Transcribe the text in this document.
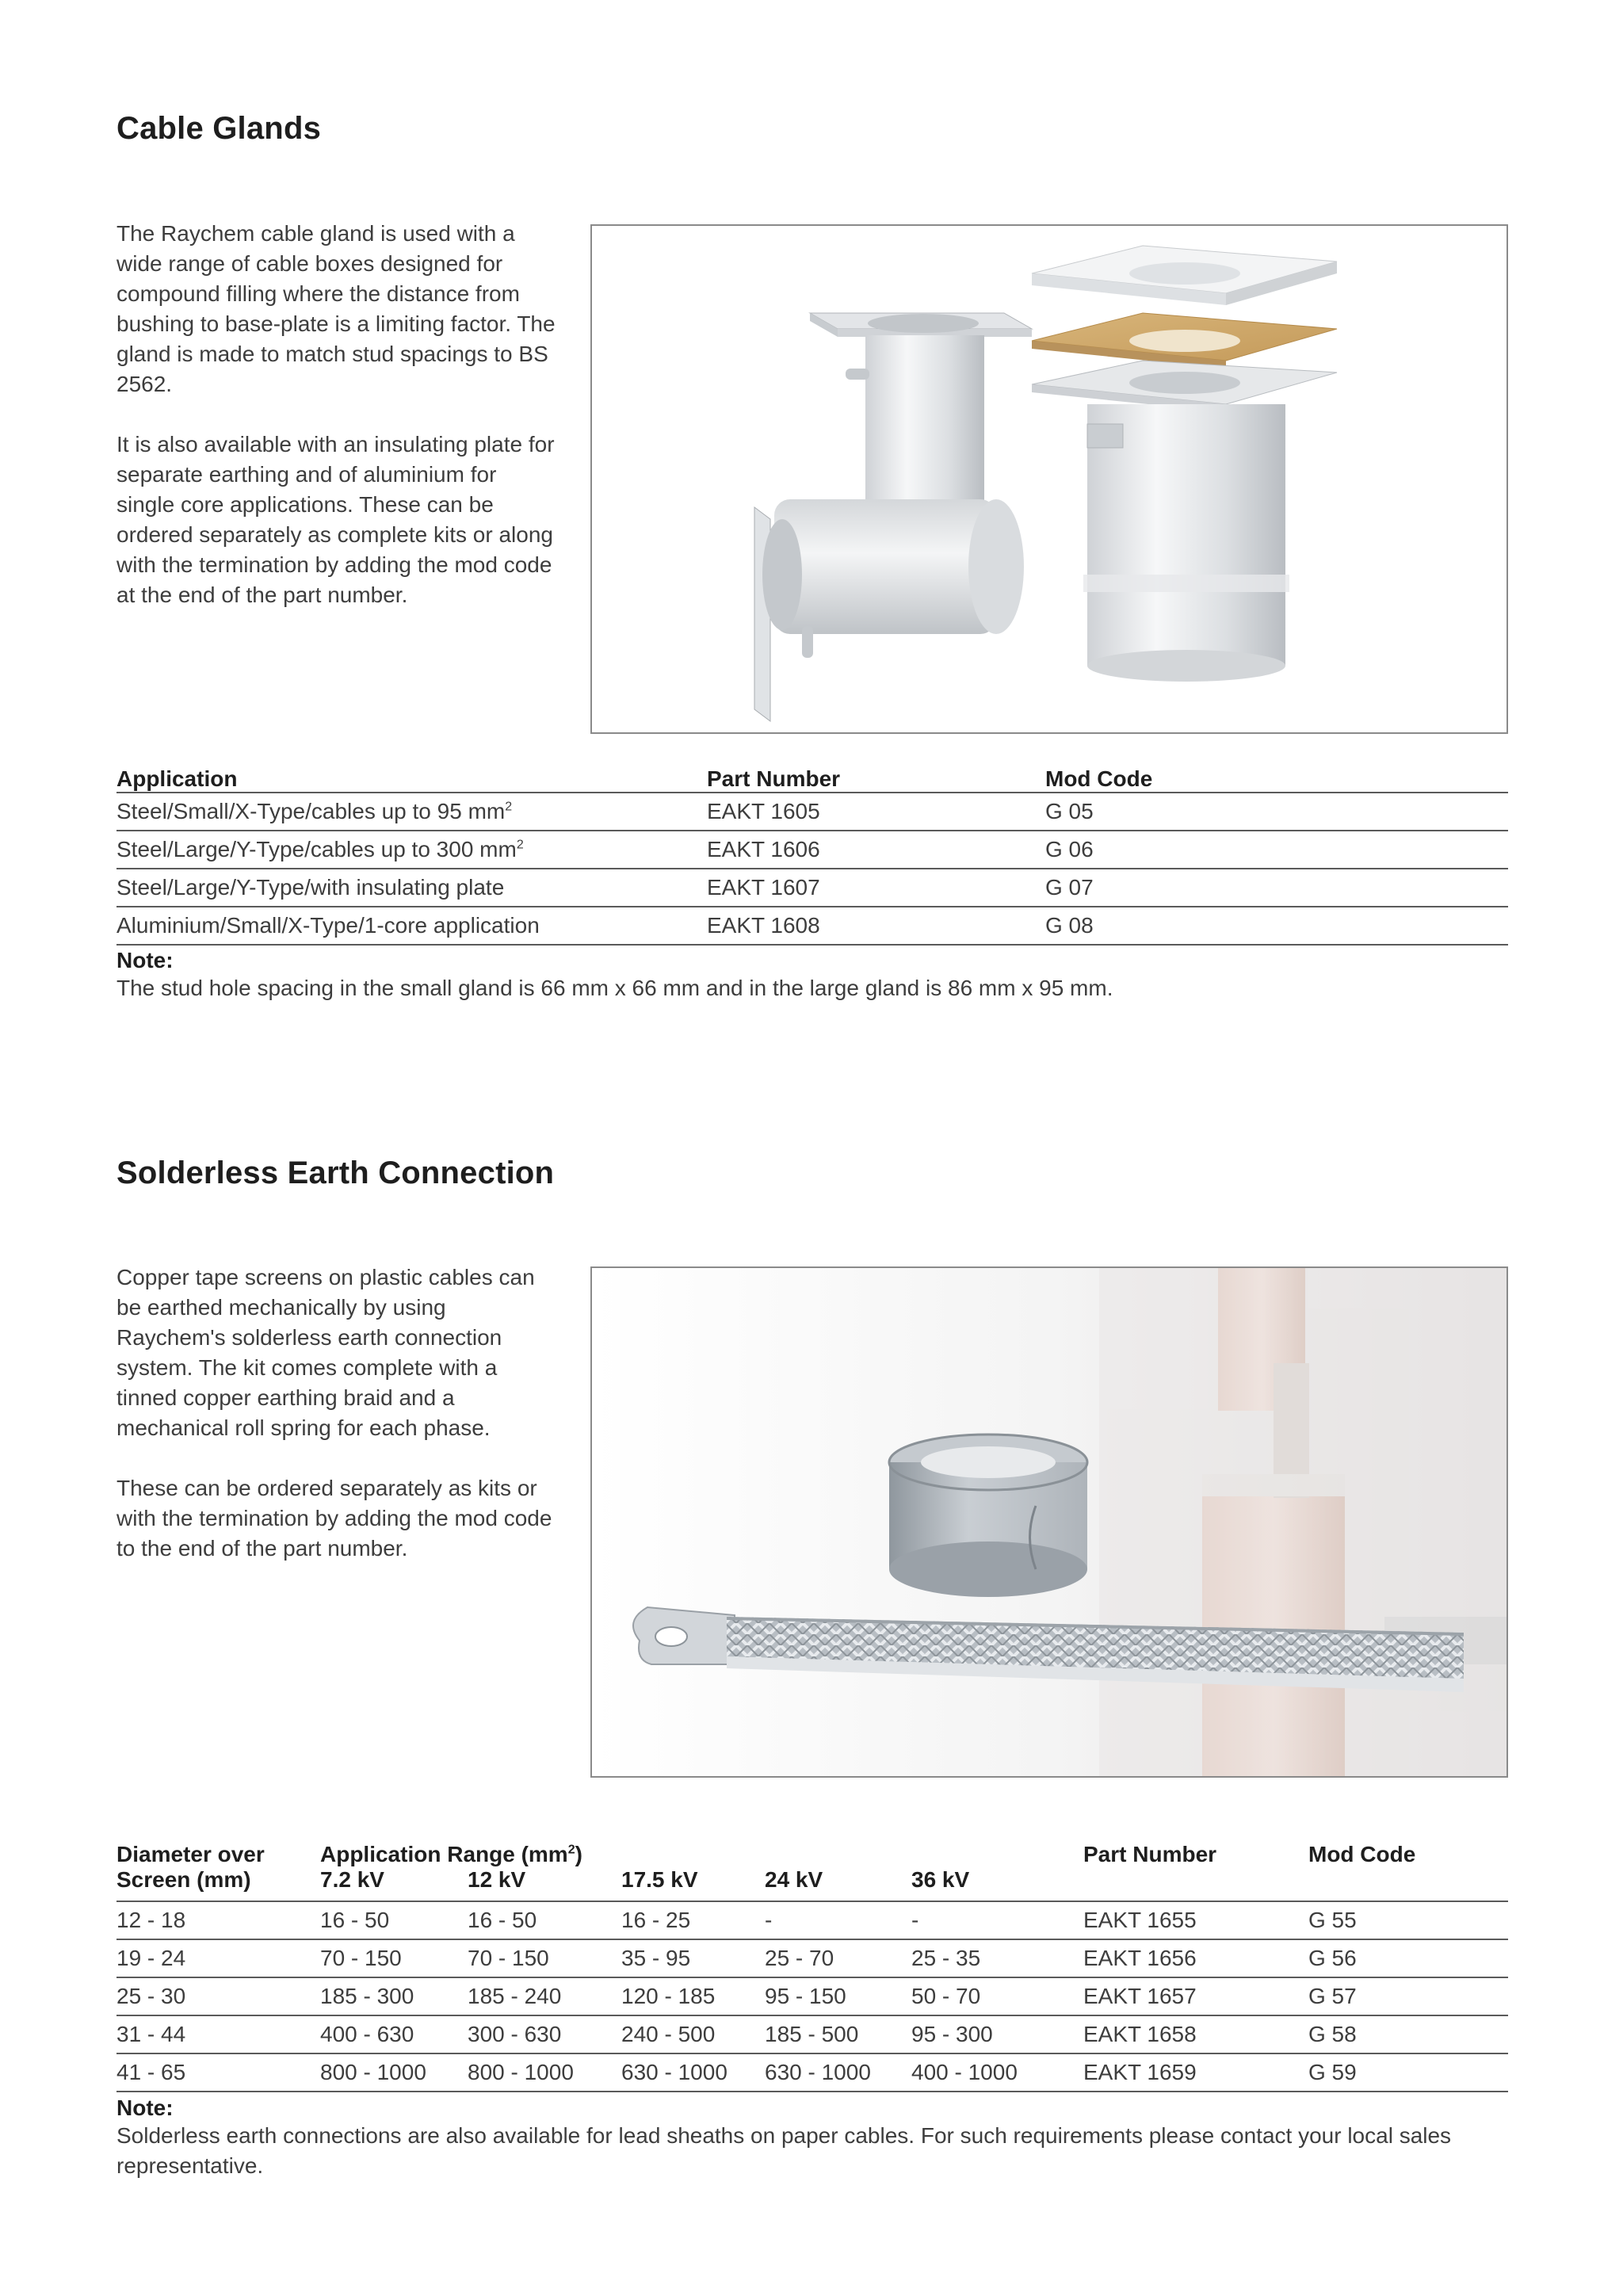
Cable Glands

The Raychem cable gland is used with a wide range of cable boxes designed for compound filling where the distance from bushing to base-plate is a limiting factor. The gland is made to match stud spacings to BS 2562.

It is also available with an insulating plate for separate earthing and of aluminium for single core applications. These can be ordered separately as complete kits or along with the termination by adding the mod code at the end of the part number.

Application	Part Number	Mod Code
Steel/Small/X-Type/cables up to 95 $mm^2$	EAKT 1605	G 05
Steel/Large/Y-Type/cables up to 300 $mm^2$	EAKT 1606	G 06
Steel/Large/Y-Type/with insulating plate	EAKT 1607	G 07
Aluminium/Small/X-Type/1-core application	EAKT 1608	G 08
Note:
The stud hole spacing in the small gland is 66 mm x 66 mm and in the large gland is 86 mm x 95 mm.
Solderless Earth Connection

Copper tape screens on plastic cables can be earthed mechanically by using Raychem's solderless earth connection system. The kit comes complete with a tinned copper earthing braid and a mechanical roll spring for each phase.

These can be ordered separately as kits or with the termination by adding the mod code to the end of the part number.

Diameter over	Application Range $(mm^2)$					Part Number	Mod Code
Screen (mm)	7.2 kV	12 kV	17.5 kV	24 kV	36 kV		
12 - 18	16 - 50	16 - 50	16 - 25	-	-	EAKT 1655	G 55
19 - 24	70 - 150	70 - 150	35 - 95	25 - 70	25 - 35	EAKT 1656	G 56
25 - 30	185 - 300	185 - 240	120 - 185	95 - 150	50 - 70	EAKT 1657	G 57
31 - 44	400 - 630	300 - 630	240 - 500	185 - 500	95 - 300	EAKT 1658	G 58
41 - 65	800 - 1000	800 - 1000	630 - 1000	630 - 1000	400 - 1000	EAKT 1659	G 59
Note:
Solderless earth connections are also available for lead sheaths on paper cables. For such requirements please contact your local sales representative.
